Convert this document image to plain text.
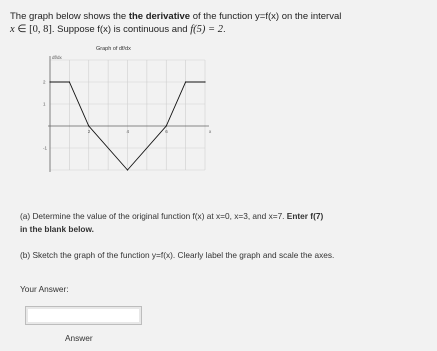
The graph below shows the the derivative of the function y=f(x) on the interval
x ∈ [0, 8]. Suppose f(x) is continuous and f(5) = 2.
Graph of df/dx
df/dx
x
2	4	6
2
1
-1
(a) Determine the value of the original function f(x) at x=0, x=3, and x=7. Enter f(7)
in the blank below.
(b) Sketch the graph of the function y=f(x). Clearly label the graph and scale the axes.
Your Answer:
Answer
